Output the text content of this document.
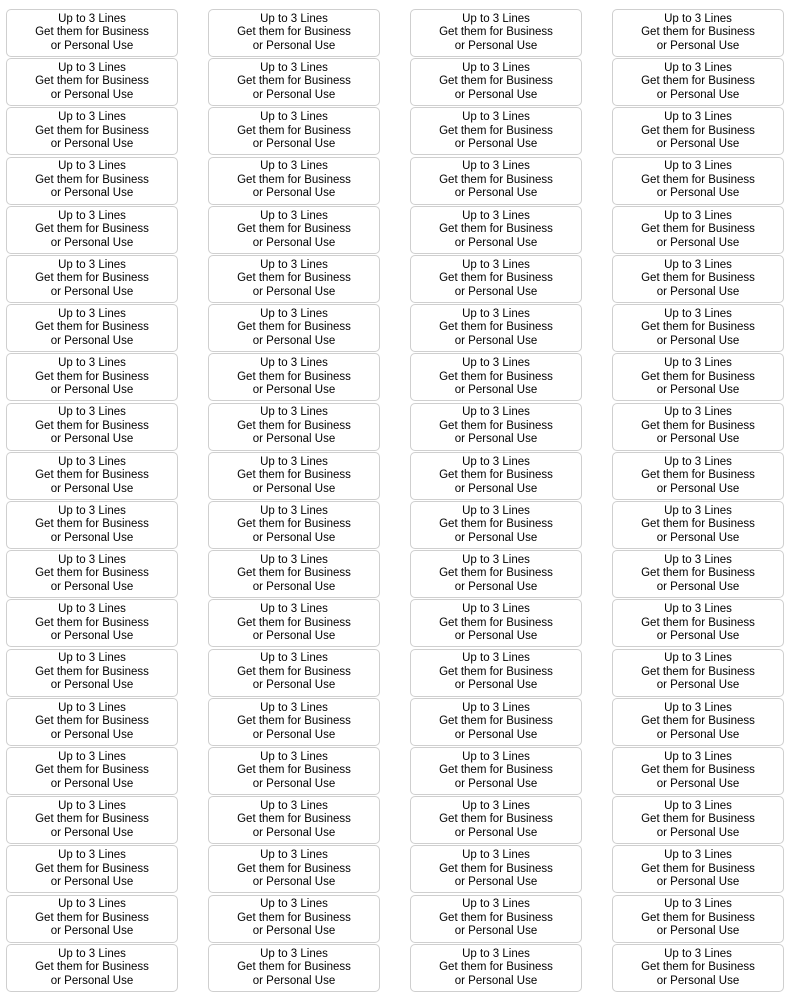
Up to 3 Lines
Get them for Business
or Personal Use
Up to 3 Lines
Get them for Business
or Personal Use
Up to 3 Lines
Get them for Business
or Personal Use
Up to 3 Lines
Get them for Business
or Personal Use
Up to 3 Lines
Get them for Business
or Personal Use
Up to 3 Lines
Get them for Business
or Personal Use
Up to 3 Lines
Get them for Business
or Personal Use
Up to 3 Lines
Get them for Business
or Personal Use
Up to 3 Lines
Get them for Business
or Personal Use
Up to 3 Lines
Get them for Business
or Personal Use
Up to 3 Lines
Get them for Business
or Personal Use
Up to 3 Lines
Get them for Business
or Personal Use
Up to 3 Lines
Get them for Business
or Personal Use
Up to 3 Lines
Get them for Business
or Personal Use
Up to 3 Lines
Get them for Business
or Personal Use
Up to 3 Lines
Get them for Business
or Personal Use
Up to 3 Lines
Get them for Business
or Personal Use
Up to 3 Lines
Get them for Business
or Personal Use
Up to 3 Lines
Get them for Business
or Personal Use
Up to 3 Lines
Get them for Business
or Personal Use
Up to 3 Lines
Get them for Business
or Personal Use
Up to 3 Lines
Get them for Business
or Personal Use
Up to 3 Lines
Get them for Business
or Personal Use
Up to 3 Lines
Get them for Business
or Personal Use
Up to 3 Lines
Get them for Business
or Personal Use
Up to 3 Lines
Get them for Business
or Personal Use
Up to 3 Lines
Get them for Business
or Personal Use
Up to 3 Lines
Get them for Business
or Personal Use
Up to 3 Lines
Get them for Business
or Personal Use
Up to 3 Lines
Get them for Business
or Personal Use
Up to 3 Lines
Get them for Business
or Personal Use
Up to 3 Lines
Get them for Business
or Personal Use
Up to 3 Lines
Get them for Business
or Personal Use
Up to 3 Lines
Get them for Business
or Personal Use
Up to 3 Lines
Get them for Business
or Personal Use
Up to 3 Lines
Get them for Business
or Personal Use
Up to 3 Lines
Get them for Business
or Personal Use
Up to 3 Lines
Get them for Business
or Personal Use
Up to 3 Lines
Get them for Business
or Personal Use
Up to 3 Lines
Get them for Business
or Personal Use
Up to 3 Lines
Get them for Business
or Personal Use
Up to 3 Lines
Get them for Business
or Personal Use
Up to 3 Lines
Get them for Business
or Personal Use
Up to 3 Lines
Get them for Business
or Personal Use
Up to 3 Lines
Get them for Business
or Personal Use
Up to 3 Lines
Get them for Business
or Personal Use
Up to 3 Lines
Get them for Business
or Personal Use
Up to 3 Lines
Get them for Business
or Personal Use
Up to 3 Lines
Get them for Business
or Personal Use
Up to 3 Lines
Get them for Business
or Personal Use
Up to 3 Lines
Get them for Business
or Personal Use
Up to 3 Lines
Get them for Business
or Personal Use
Up to 3 Lines
Get them for Business
or Personal Use
Up to 3 Lines
Get them for Business
or Personal Use
Up to 3 Lines
Get them for Business
or Personal Use
Up to 3 Lines
Get them for Business
or Personal Use
Up to 3 Lines
Get them for Business
or Personal Use
Up to 3 Lines
Get them for Business
or Personal Use
Up to 3 Lines
Get them for Business
or Personal Use
Up to 3 Lines
Get them for Business
or Personal Use
Up to 3 Lines
Get them for Business
or Personal Use
Up to 3 Lines
Get them for Business
or Personal Use
Up to 3 Lines
Get them for Business
or Personal Use
Up to 3 Lines
Get them for Business
or Personal Use
Up to 3 Lines
Get them for Business
or Personal Use
Up to 3 Lines
Get them for Business
or Personal Use
Up to 3 Lines
Get them for Business
or Personal Use
Up to 3 Lines
Get them for Business
or Personal Use
Up to 3 Lines
Get them for Business
or Personal Use
Up to 3 Lines
Get them for Business
or Personal Use
Up to 3 Lines
Get them for Business
or Personal Use
Up to 3 Lines
Get them for Business
or Personal Use
Up to 3 Lines
Get them for Business
or Personal Use
Up to 3 Lines
Get them for Business
or Personal Use
Up to 3 Lines
Get them for Business
or Personal Use
Up to 3 Lines
Get them for Business
or Personal Use
Up to 3 Lines
Get them for Business
or Personal Use
Up to 3 Lines
Get them for Business
or Personal Use
Up to 3 Lines
Get them for Business
or Personal Use
Up to 3 Lines
Get them for Business
or Personal Use
